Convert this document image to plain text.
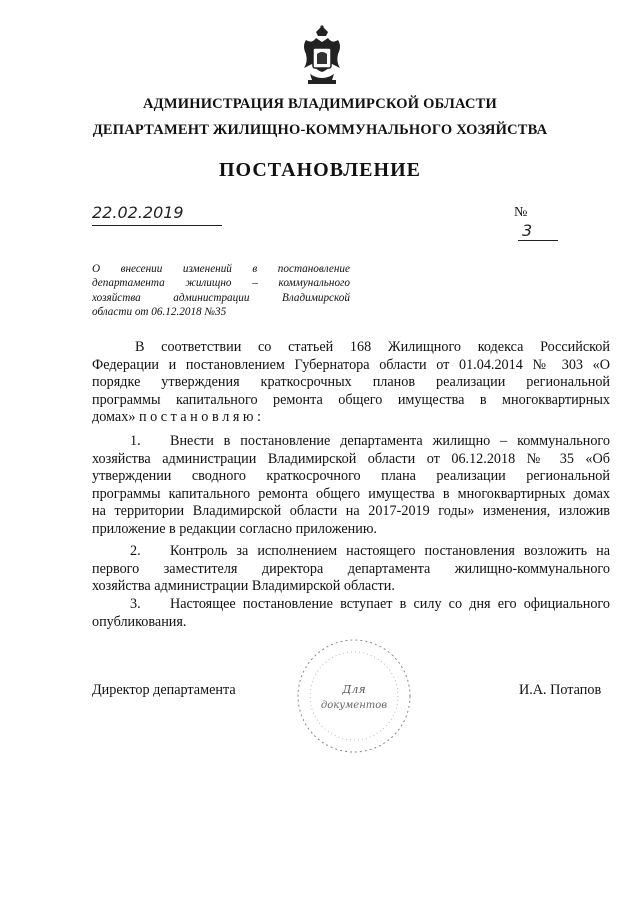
АДМИНИСТРАЦИЯ ВЛАДИМИРСКОЙ ОБЛАСТИ
ДЕПАРТАМЕНТ ЖИЛИЩНО-КОММУНАЛЬНОГО ХОЗЯЙСТВА
ПОСТАНОВЛЕНИЕ
22.02.2019	№ 3
О внесении изменений в постановление
департамента жилищно – коммунального
хозяйства администрации Владимирской
области от 06.12.2018 №35
В соответствии со статьей 168 Жилищного кодекса Российской
Федерации и постановлением Губернатора области от 01.04.2014 № 303 «О
порядке утверждения краткосрочных планов реализации региональной
программы капитального ремонта общего имущества в многоквартирных
домах» п о с т а н о в л я ю :
1. Внести в постановление департамента жилищно – коммунального
хозяйства администрации Владимирской области от 06.12.2018 № 35 «Об
утверждении сводного краткосрочного плана реализации региональной
программы капитального ремонта общего имущества в многоквартирных домах
на территории Владимирской области на 2017-2019 годы» изменения, изложив
приложение в редакции согласно приложению.
2. Контроль за исполнением настоящего постановления возложить на
первого заместителя директора департамента жилищно-коммунального
хозяйства администрации Владимирской области.
3. Настоящее постановление вступает в силу со дня его официального
опубликования.
Для
документов
Директор департамента	И.А. Потапов
